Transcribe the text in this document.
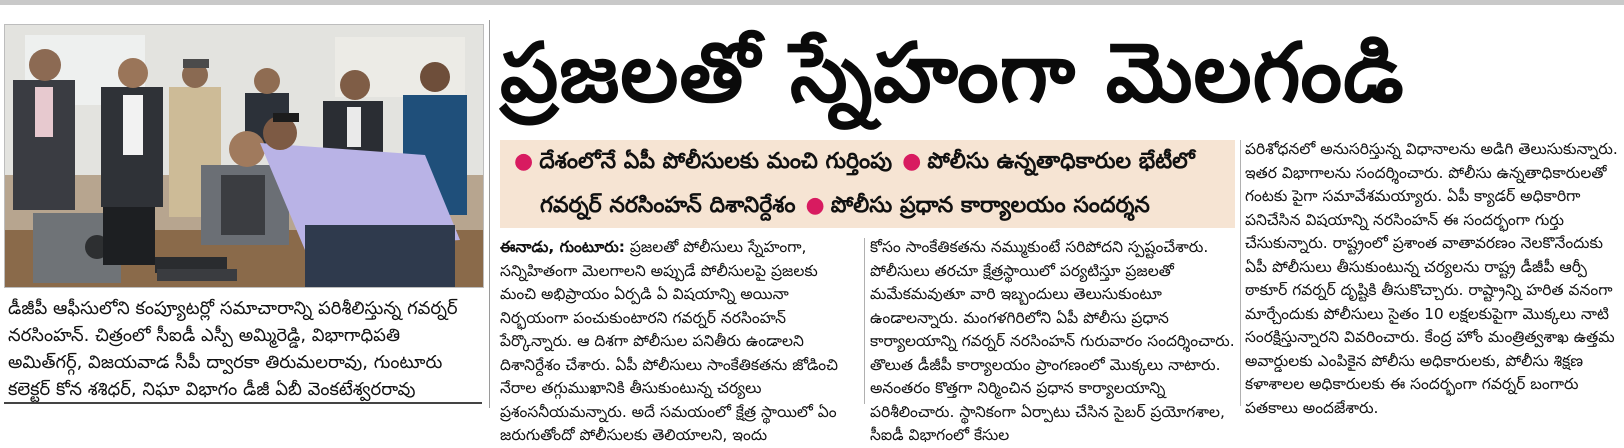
డీజీపీ ఆఫీసులోని కంప్యూటర్లో సమాచారాన్ని పరిశీలిస్తున్న గవర్నర్ నరసింహన్. చిత్రంలో సీఐడీ ఎస్పీ అమ్మిరెడ్డి, విభాగాధిపతి అమిత్‌గర్గ్, విజయవాడ సీపీ ద్వారకా తిరుమలరావు, గుంటూరు కలెక్టర్ కోన శశిధర్, నిఘా విభాగం డీజీ ఏబీ వెంకటేశ్వరరావు
ప్రజలతో స్నేహంగా మెలగండి
● దేశంలోనే ఏపీ పోలీసులకు మంచి గుర్తింపు ● పోలీసు ఉన్నతాధికారుల భేటీలో
గవర్నర్ నరసింహన్ దిశానిర్దేశం ● పోలీసు ప్రధాన కార్యాలయం సందర్శన
ఈనాడు, గుంటూరు: ప్రజలతో పోలీసులు స్నేహంగా, సన్నిహితంగా మెలగాలని అప్పుడే పోలీసులపై ప్రజలకు మంచి అభిప్రాయం ఏర్పడి ఏ విషయాన్ని అయినా నిర్భయంగా పంచుకుంటారని గవర్నర్ నరసింహన్ పేర్కొన్నారు. ఆ దిశగా పోలీసుల పనితీరు ఉండాలని దిశానిర్దేశం చేశారు. ఏపీ పోలీసులు సాంకేతికతను జోడించి నేరాల తగ్గుముఖానికి తీసుకుంటున్న చర్యలు ప్రశంసనీయమన్నారు. అదే సమయంలో క్షేత్ర స్థాయిలో ఏం జరుగుతోందో పోలీసులకు తెలియాలని, ఇందు
కోసం సాంకేతికతను నమ్ముకుంటే సరిపోదని స్పష్టంచేశారు. పోలీసులు తరచూ క్షేత్రస్థాయిలో పర్యటిస్తూ ప్రజలతో మమేకమవుతూ వారి ఇబ్బందులు తెలుసుకుంటూ ఉండాలన్నారు. మంగళగిరిలోని ఏపీ పోలీసు ప్రధాన కార్యాలయాన్ని గవర్నర్ నరసింహన్ గురువారం సందర్శించారు. తొలుత డీజీపీ కార్యాలయం ప్రాంగణంలో మొక్కలు నాటారు. అనంతరం కొత్తగా నిర్మించిన ప్రధాన కార్యాలయాన్ని పరిశీలించారు. స్థానికంగా ఏర్పాటు చేసిన సైబర్ ప్రయోగశాల, సీఐడీ విభాగంలో కేసుల
పరిశోధనలో అనుసరిస్తున్న విధానాలను అడిగి తెలుసుకున్నారు. ఇతర విభాగాలను సందర్శించారు. పోలీసు ఉన్నతాధికారులతో గంటకు పైగా సమావేశమయ్యారు. ఏపీ క్యాడర్ అధికారిగా పనిచేసిన విషయాన్ని నరసింహన్ ఈ సందర్భంగా గుర్తు చేసుకున్నారు. రాష్ట్రంలో ప్రశాంత వాతావరణం నెలకొనేందుకు ఏపీ పోలీసులు తీసుకుంటున్న చర్యలను రాష్ట్ర డీజీపీ ఆర్పీ ఠాకూర్ గవర్నర్ దృష్టికి తీసుకొచ్చారు. రాష్ట్రాన్ని హరిత వనంగా మార్చేందుకు పోలీసులు సైతం 10 లక్షలకుపైగా మొక్కలు నాటి సంరక్షిస్తున్నారని వివరించారు. కేంద్ర హోం మంత్రిత్వశాఖ ఉత్తమ అవార్డులకు ఎంపికైన పోలీసు అధికారులకు, పోలీసు శిక్షణ కళాశాలల అధికారులకు ఈ సందర్భంగా గవర్నర్ బంగారు పతకాలు అందజేశారు.
